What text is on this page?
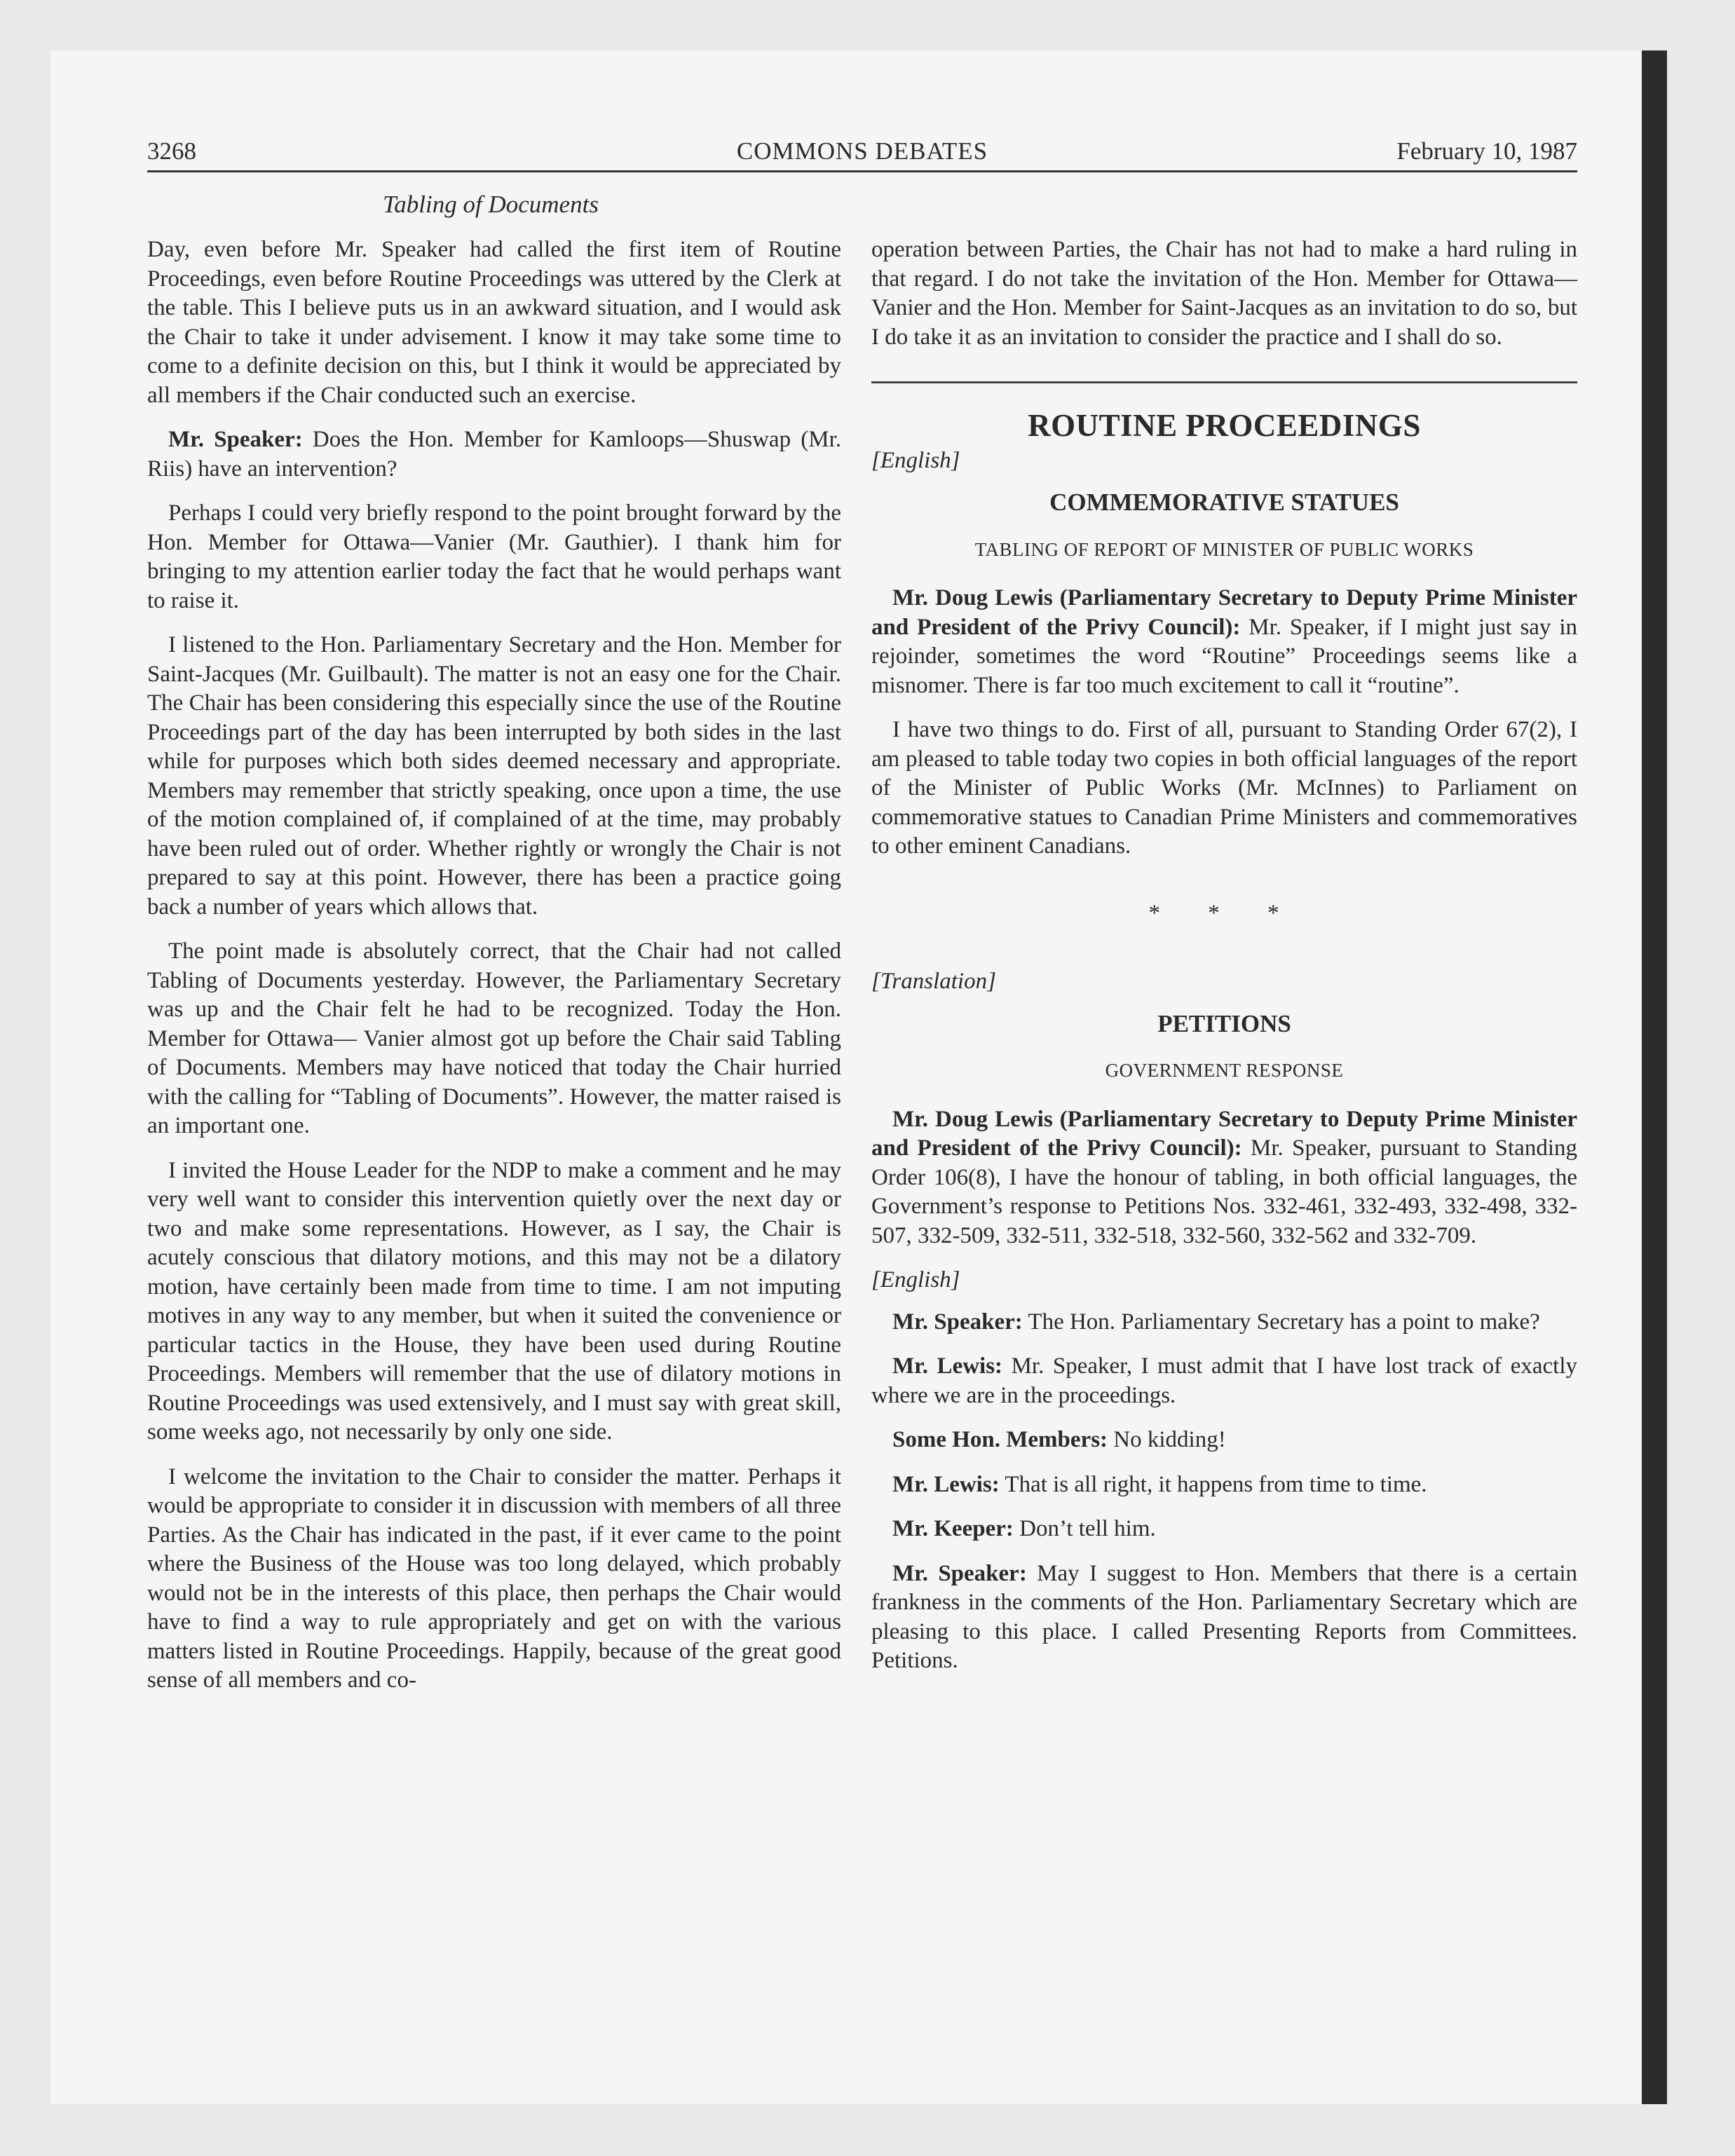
3268	COMMONS DEBATES	February 10, 1987
Tabling of Documents

Day, even before Mr. Speaker had called the first item of Routine Proceedings, even before Routine Proceedings was uttered by the Clerk at the table. This I believe puts us in an awkward situation, and I would ask the Chair to take it under advisement. I know it may take some time to come to a definite decision on this, but I think it would be appreciated by all members if the Chair conducted such an exercise.

Mr. Speaker: Does the Hon. Member for Kamloops—Shuswap (Mr. Riis) have an intervention?

Perhaps I could very briefly respond to the point brought forward by the Hon. Member for Ottawa—Vanier (Mr. Gauthier). I thank him for bringing to my attention earlier today the fact that he would perhaps want to raise it.

I listened to the Hon. Parliamentary Secretary and the Hon. Member for Saint-Jacques (Mr. Guilbault). The matter is not an easy one for the Chair. The Chair has been considering this especially since the use of the Routine Proceedings part of the day has been interrupted by both sides in the last while for purposes which both sides deemed necessary and appropriate. Members may remember that strictly speaking, once upon a time, the use of the motion complained of, if complained of at the time, may probably have been ruled out of order. Whether rightly or wrongly the Chair is not prepared to say at this point. However, there has been a practice going back a number of years which allows that.

The point made is absolutely correct, that the Chair had not called Tabling of Documents yesterday. However, the Parliamentary Secretary was up and the Chair felt he had to be recognized. Today the Hon. Member for Ottawa— Vanier almost got up before the Chair said Tabling of Documents. Members may have noticed that today the Chair hurried with the calling for “Tabling of Documents”. However, the matter raised is an important one.

I invited the House Leader for the NDP to make a comment and he may very well want to consider this intervention quietly over the next day or two and make some representations. However, as I say, the Chair is acutely conscious that dilatory motions, and this may not be a dilatory motion, have certainly been made from time to time. I am not imputing motives in any way to any member, but when it suited the convenience or particular tactics in the House, they have been used during Routine Proceedings. Members will remember that the use of dilatory motions in Routine Proceedings was used extensively, and I must say with great skill, some weeks ago, not necessarily by only one side.

I welcome the invitation to the Chair to consider the matter. Perhaps it would be appropriate to consider it in discussion with members of all three Parties. As the Chair has indicated in the past, if it ever came to the point where the Business of the House was too long delayed, which probably would not be in the interests of this place, then perhaps the Chair would have to find a way to rule appropriately and get on with the various matters listed in Routine Proceedings. Happily, because of the great good sense of all members and co-

operation between Parties, the Chair has not had to make a hard ruling in that regard. I do not take the invitation of the Hon. Member for Ottawa—Vanier and the Hon. Member for Saint-Jacques as an invitation to do so, but I do take it as an invitation to consider the practice and I shall do so.

ROUTINE PROCEEDINGS
[English]
COMMEMORATIVE STATUES
TABLING OF REPORT OF MINISTER OF PUBLIC WORKS

Mr. Doug Lewis (Parliamentary Secretary to Deputy Prime Minister and President of the Privy Council): Mr. Speaker, if I might just say in rejoinder, sometimes the word “Routine” Proceedings seems like a misnomer. There is far too much excitement to call it “routine”.

I have two things to do. First of all, pursuant to Standing Order 67(2), I am pleased to table today two copies in both official languages of the report of the Minister of Public Works (Mr. McInnes) to Parliament on commemorative statues to Canadian Prime Ministers and commemoratives to other eminent Canadians.

* * *
[Translation]
PETITIONS
GOVERNMENT RESPONSE

Mr. Doug Lewis (Parliamentary Secretary to Deputy Prime Minister and President of the Privy Council): Mr. Speaker, pursuant to Standing Order 106(8), I have the honour of tabling, in both official languages, the Government’s response to Petitions Nos. 332-461, 332-493, 332-498, 332-507, 332-509, 332-511, 332-518, 332-560, 332-562 and 332-709.

[English]

Mr. Speaker: The Hon. Parliamentary Secretary has a point to make?

Mr. Lewis: Mr. Speaker, I must admit that I have lost track of exactly where we are in the proceedings.

Some Hon. Members: No kidding!

Mr. Lewis: That is all right, it happens from time to time.

Mr. Keeper: Don’t tell him.

Mr. Speaker: May I suggest to Hon. Members that there is a certain frankness in the comments of the Hon. Parliamentary Secretary which are pleasing to this place. I called Presenting Reports from Committees. Petitions.
